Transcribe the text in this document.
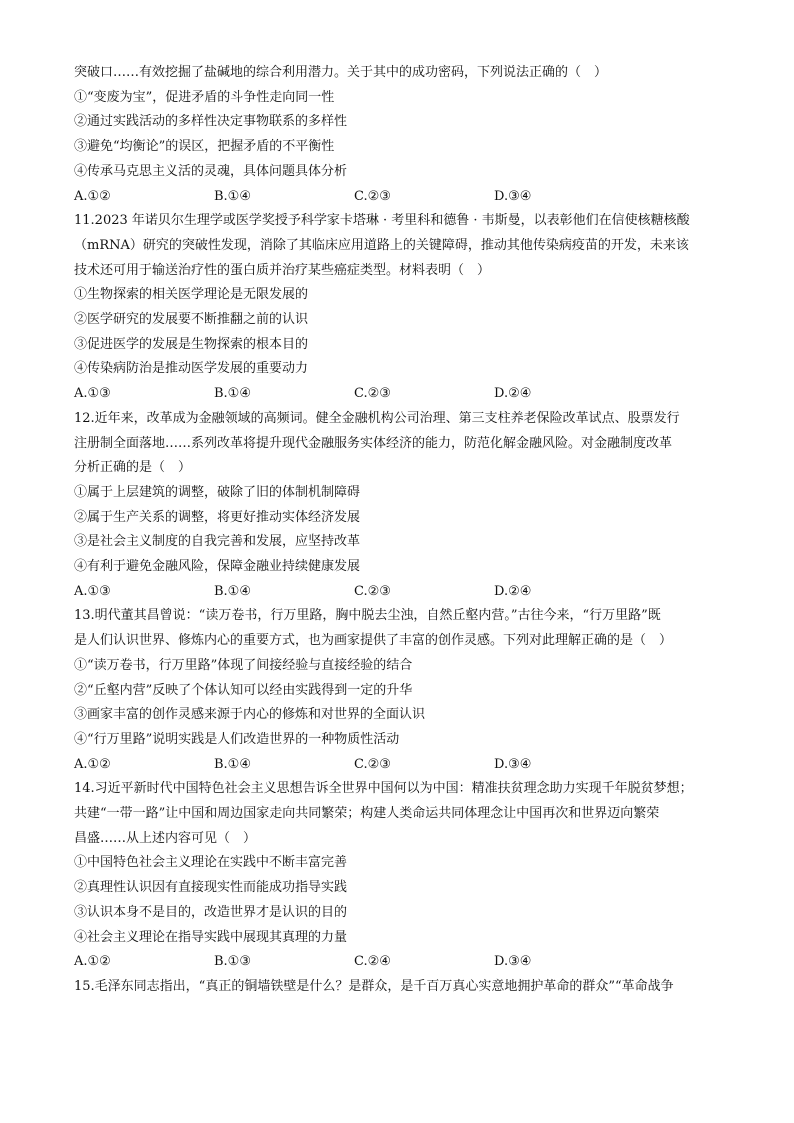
突破口……有效挖掘了盐碱地的综合利用潜力。关于其中的成功密码，下列说法正确的（　）
①“变废为宝”，促进矛盾的斗争性走向同一性
②通过实践活动的多样性决定事物联系的多样性
③避免“均衡论”的误区，把握矛盾的不平衡性
④传承马克思主义活的灵魂，具体问题具体分析
A.①②	B.①④	C.②③	D.③④
11.2023 年诺贝尔生理学或医学奖授予科学家卡塔琳 · 考里科和德鲁 · 韦斯曼，以表彰他们在信使核糖核酸
（mRNA）研究的突破性发现，消除了其临床应用道路上的关键障碍，推动其他传染病疫苗的开发，未来该
技术还可用于输送治疗性的蛋白质并治疗某些癌症类型。材料表明（　）
①生物探索的相关医学理论是无限发展的
②医学研究的发展要不断推翻之前的认识
③促进医学的发展是生物探索的根本目的
④传染病防治是推动医学发展的重要动力
A.①③	B.①④	C.②③	D.②④
12.近年来，改革成为金融领域的高频词。健全金融机构公司治理、第三支柱养老保险改革试点、股票发行
注册制全面落地……系列改革将提升现代金融服务实体经济的能力，防范化解金融风险。对金融制度改革
分析正确的是（　）
①属于上层建筑的调整，破除了旧的体制机制障碍
②属于生产关系的调整，将更好推动实体经济发展
③是社会主义制度的自我完善和发展，应坚持改革
④有利于避免金融风险，保障金融业持续健康发展
A.①③	B.①④	C.②③	D.②④
13.明代董其昌曾说：“读万卷书，行万里路，胸中脱去尘浊，自然丘壑内营。”古往今来，“行万里路”既
是人们认识世界、修炼内心的重要方式，也为画家提供了丰富的创作灵感。下列对此理解正确的是（　）
①“读万卷书，行万里路”体现了间接经验与直接经验的结合
②“丘壑内营”反映了个体认知可以经由实践得到一定的升华
③画家丰富的创作灵感来源于内心的修炼和对世界的全面认识
④“行万里路”说明实践是人们改造世界的一种物质性活动
A.①②	B.①④	C.②③	D.③④
14.习近平新时代中国特色社会主义思想告诉全世界中国何以为中国：精准扶贫理念助力实现千年脱贫梦想；
共建“一带一路”让中国和周边国家走向共同繁荣；构建人类命运共同体理念让中国再次和世界迈向繁荣
昌盛……从上述内容可见（　）
①中国特色社会主义理论在实践中不断丰富完善
②真理性认识因有直接现实性而能成功指导实践
③认识本身不是目的，改造世界才是认识的目的
④社会主义理论在指导实践中展现其真理的力量
A.①②	B.①③	C.②④	D.③④
15.毛泽东同志指出，“真正的铜墙铁壁是什么？是群众，是千百万真心实意地拥护革命的群众”“革命战争
